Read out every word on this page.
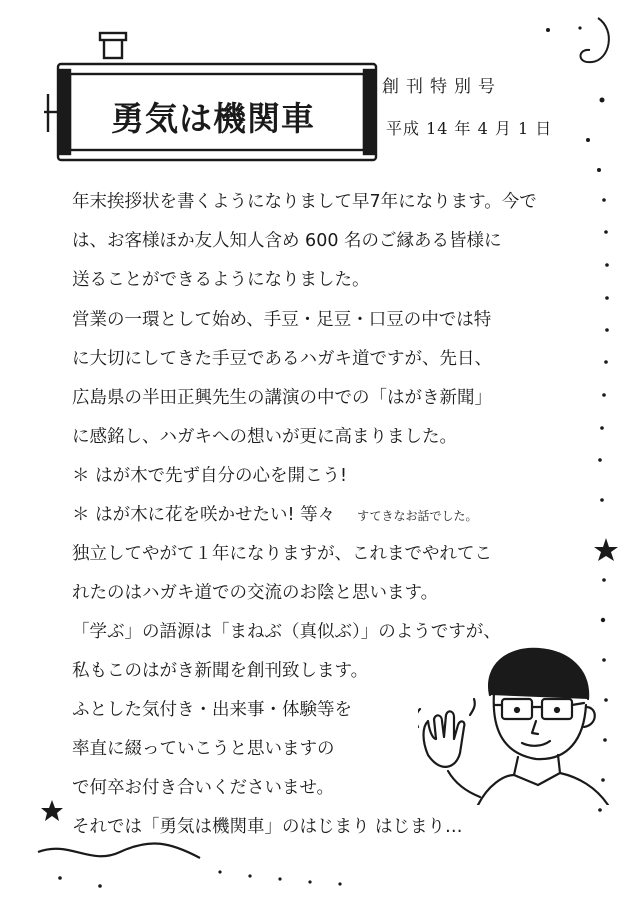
勇気は機関車
創刊特別号
平成 14 年 4 月 1 日
年末挨拶状を書くようになりまして早7年になります。今で
は、お客様ほか友人知人含め 600 名のご縁ある皆様に
送ることができるようになりました。
営業の一環として始め、手豆・足豆・口豆の中では特
に大切にしてきた手豆であるハガキ道ですが、先日、
広島県の半田正興先生の講演の中での「はがき新聞」
に感銘し、ハガキへの想いが更に高まりました。
＊ はが木で先ず自分の心を開こう!
＊ はが木に花を咲かせたい! 等々 すてきなお話でした。
独立してやがて１年になりますが、これまでやれてこ
れたのはハガキ道での交流のお陰と思います。
「学ぶ」の語源は「まねぶ（真似ぶ）」のようですが、
私もこのはがき新聞を創刊致します。
ふとした気付き・出来事・体験等を
率直に綴っていこうと思いますの
で何卒お付き合いくださいませ。
それでは「勇気は機関車」のはじまり はじまり…
